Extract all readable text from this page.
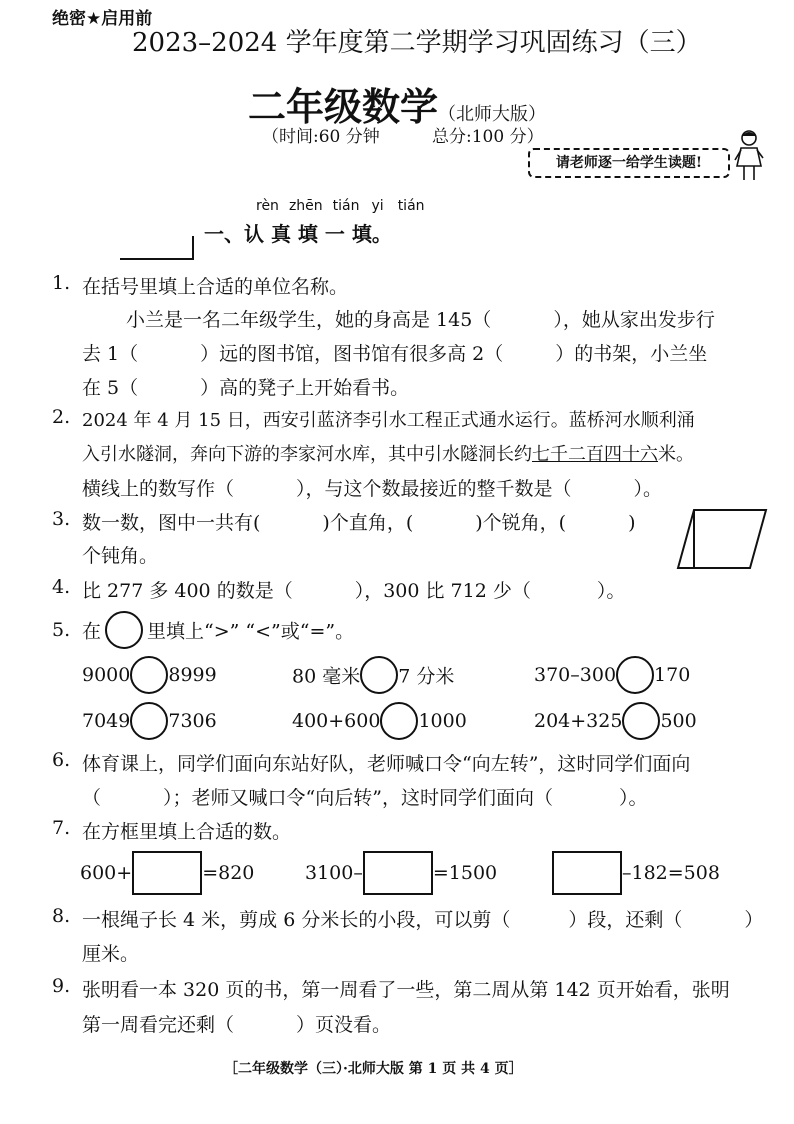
绝密★启用前
2023–2024 学年度第二学期学习巩固练习（三）
二年级数学（北师大版）
（时间:60 分钟	总分:100 分）
请老师逐一给学生读题!
rèn zhēn tián yi tián
一、认 真 填 一 填。
1. 在括号里填上合适的单位名称。
小兰是一名二年级学生，她的身高是 145（	），她从家出发步行
去 1（	）远的图书馆，图书馆有很多高 2（	）的书架，小兰坐
在 5（	）高的凳子上开始看书。
2. 2024 年 4 月 15 日，西安引蓝济李引水工程正式通水运行。蓝桥河水顺利涌
入引水隧洞，奔向下游的李家河水库，其中引水隧洞长约七千二百四十六米。
横线上的数写作（	），与这个数最接近的整千数是（	）。
3. 数一数，图中一共有(	)个直角，(	)个锐角，(	)
个钝角。
4. 比 277 多 400 的数是（	），300 比 712 少（	）。
5. 在 里填上“>” “<”或“=”。
9000 8999	80 毫米 7 分米	370–300 170
7049 7306	400+600 1000	204+325 500
6. 体育课上，同学们面向东站好队，老师喊口令“向左转”，这时同学们面向
（	）；老师又喊口令“向后转”，这时同学们面向（	）。
7. 在方框里填上合适的数。
600+	=820	3100–	=1500	–182=508
8. 一根绳子长 4 米，剪成 6 分米长的小段，可以剪（	）段，还剩（	）
厘米。
9. 张明看一本 320 页的书，第一周看了一些，第二周从第 142 页开始看，张明
第一周看完还剩（	）页没看。
［二年级数学（三）·北师大版 第 1 页 共 4 页］
